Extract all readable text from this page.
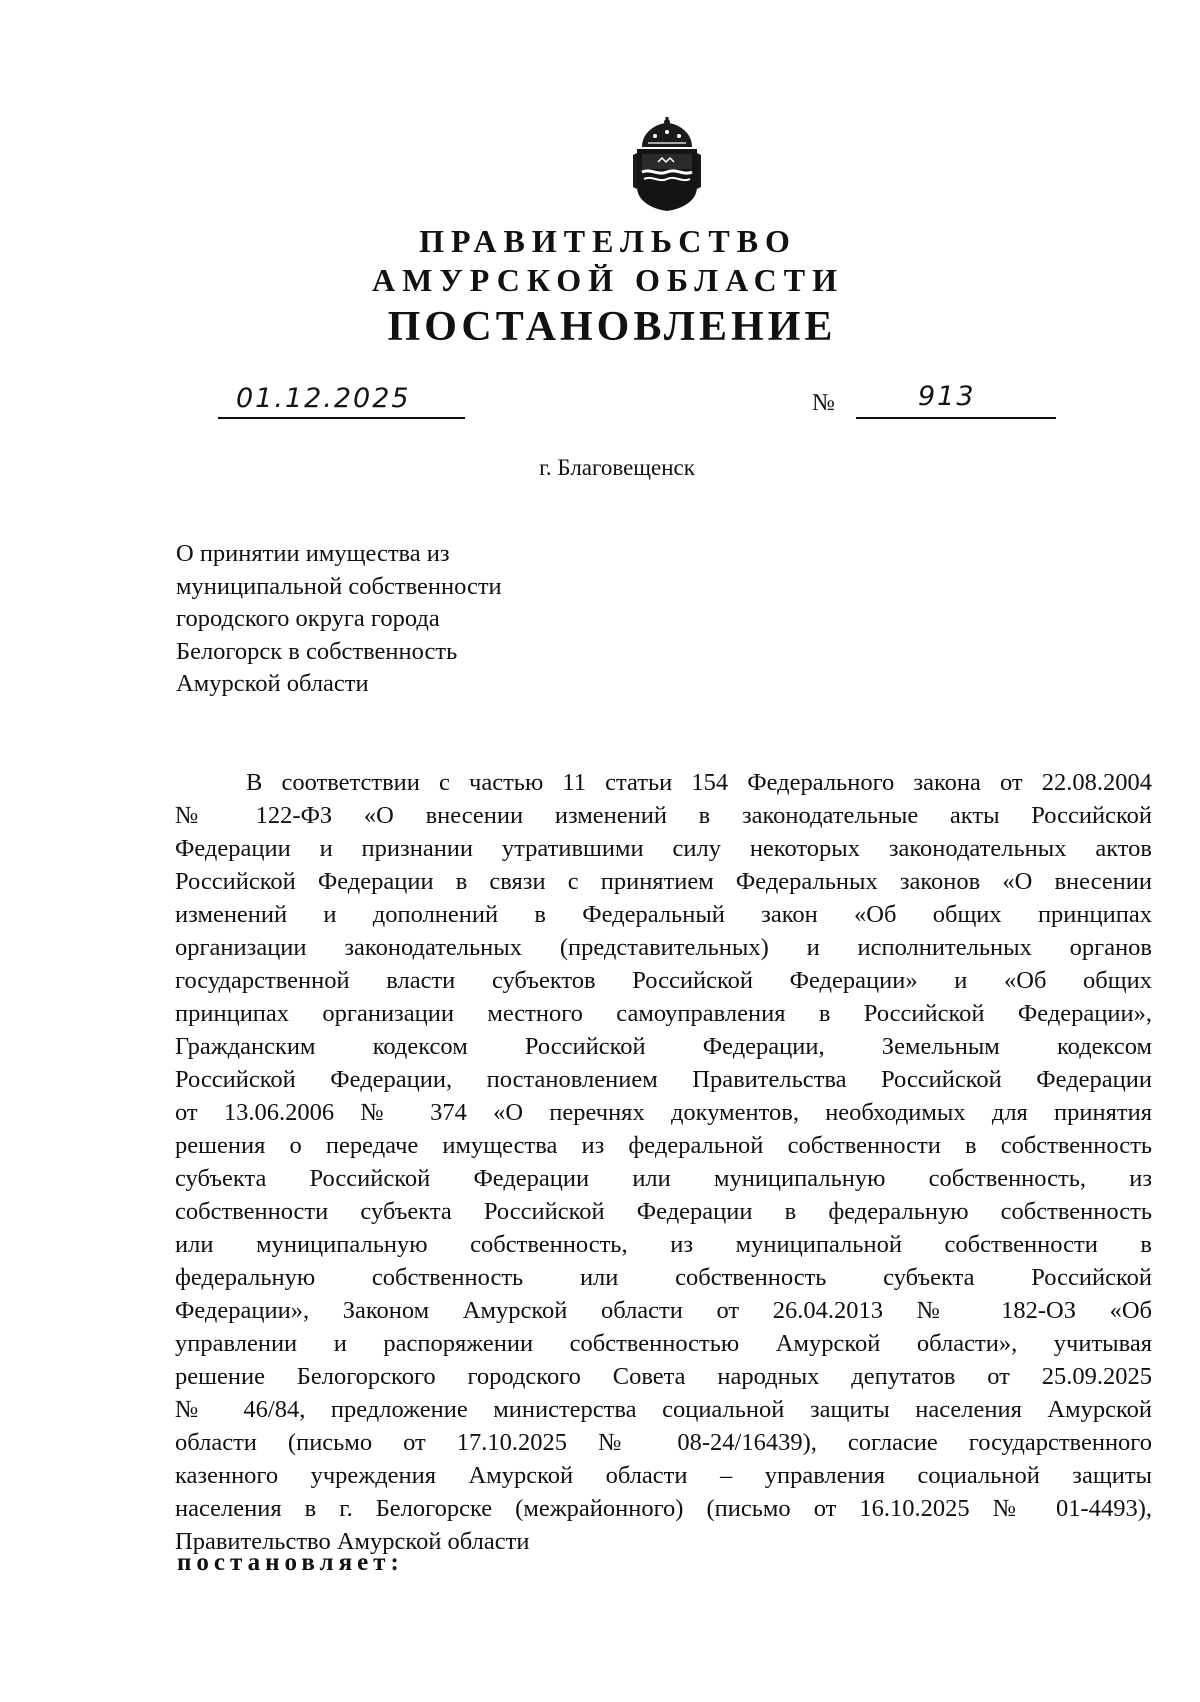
ПРАВИТЕЛЬСТВО
АМУРСКОЙ ОБЛАСТИ
ПОСТАНОВЛЕНИЕ
01.12.2025	№	913
г. Благовещенск
О принятии имущества из
муниципальной собственности
городского округа города
Белогорск в собственность
Амурской области
В соответствии с частью 11 статьи 154 Федерального закона от 22.08.2004
№ 122-ФЗ «О внесении изменений в законодательные акты Российской
Федерации и признании утратившими силу некоторых законодательных актов
Российской Федерации в связи с принятием Федеральных законов «О внесении
изменений и дополнений в Федеральный закон «Об общих принципах
организации законодательных (представительных) и исполнительных органов
государственной власти субъектов Российской Федерации» и «Об общих
принципах организации местного самоуправления в Российской Федерации»,
Гражданским кодексом Российской Федерации, Земельным кодексом
Российской Федерации, постановлением Правительства Российской Федерации
от 13.06.2006 № 374 «О перечнях документов, необходимых для принятия
решения о передаче имущества из федеральной собственности в собственность
субъекта Российской Федерации или муниципальную собственность, из
собственности субъекта Российской Федерации в федеральную собственность
или муниципальную собственность, из муниципальной собственности в
федеральную собственность или собственность субъекта Российской
Федерации», Законом Амурской области от 26.04.2013 № 182-ОЗ «Об
управлении и распоряжении собственностью Амурской области», учитывая
решение Белогорского городского Совета народных депутатов от 25.09.2025
№ 46/84, предложение министерства социальной защиты населения Амурской
области (письмо от 17.10.2025 № 08-24/16439), согласие государственного
казенного учреждения Амурской области – управления социальной защиты
населения в г. Белогорске (межрайонного) (письмо от 16.10.2025 № 01-4493),
Правительство Амурской области
постановляет:
